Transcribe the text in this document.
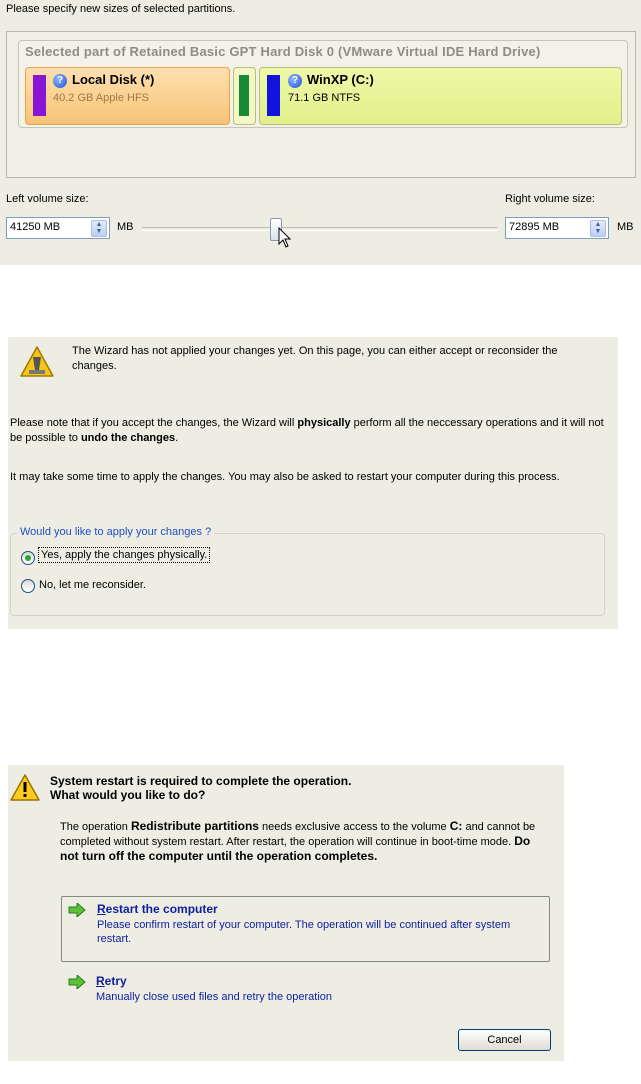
Please specify new sizes of selected partitions.
Selected part of Retained Basic GPT Hard Disk 0 (VMware Virtual IDE Hard Drive)
? Local Disk (*)
40.2 GB Apple HFS
? WinXP (C:)
71.1 GB NTFS
Left volume size:
41250 MB	▲
▼	MB
Right volume size:
72895 MB	▲
▼	MB
The Wizard has not applied your changes yet. On this page, you can either accept or reconsider the changes.
Please note that if you accept the changes, the Wizard will physically perform all the neccessary operations and it will not be possible to undo the changes.
It may take some time to apply the changes. You may also be asked to restart your computer during this process.
Would you like to apply your changes ?
Yes, apply the changes physically.
No, let me reconsider.
System restart is required to complete the operation.
What would you like to do?
The operation Redistribute partitions needs exclusive access to the volume C: and cannot be completed without system restart. After restart, the operation will continue in boot-time mode. Do not turn off the computer until the operation completes.
Restart the computer
Please confirm restart of your computer. The operation will be continued after system restart.
Retry
Manually close used files and retry the operation
Cancel
